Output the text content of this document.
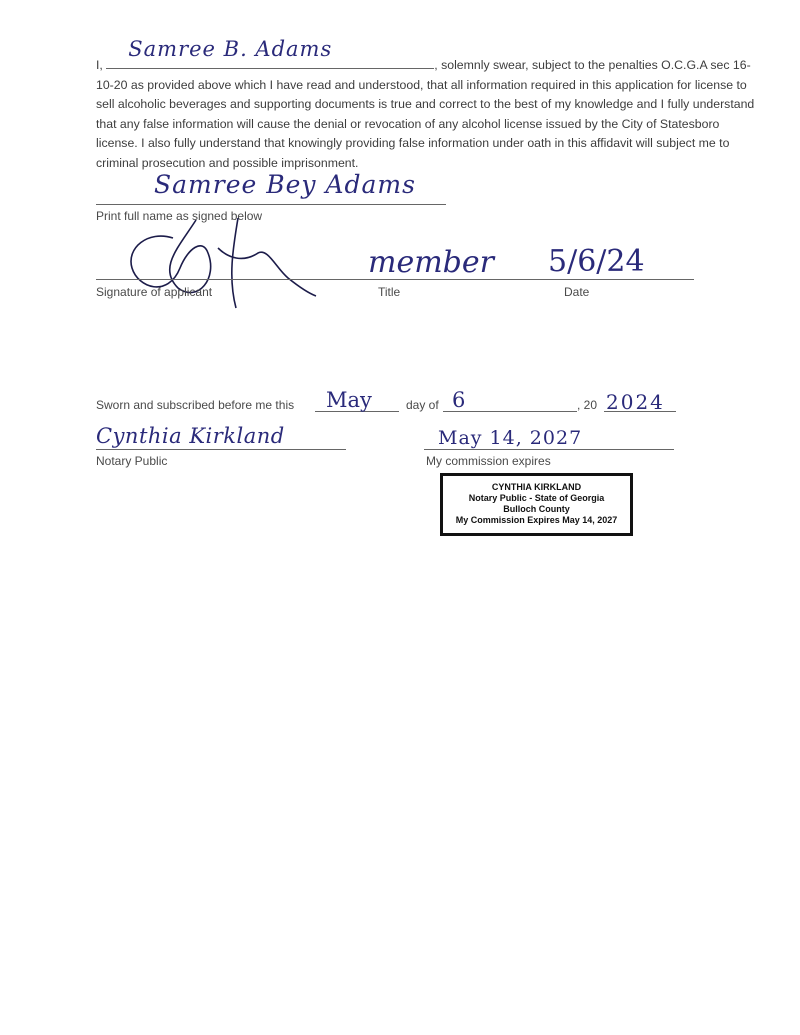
I,
Samree B. Adams
, solemnly swear, subject to the penalties O.C.G.A sec 16-10-20 as provided above which I have read and understood, that all information required in this application for license to sell alcoholic beverages and supporting documents is true and correct to the best of my knowledge and I fully understand that any false information will cause the denial or revocation of any alcohol license issued by the City of Statesboro license. I also fully understand that knowingly providing false information under oath in this affidavit will subject me to criminal prosecution and possible imprisonment.
Samree Bey Adams
Print full name as signed below
Signature of applicant
member
Title
5/6/24
Date
Sworn and subscribed before me this May	day of 6	, 20 2024
Cynthia Kirkland
Notary Public
May 14, 2027
My commission expires
CYNTHIA KIRKLAND
Notary Public - State of Georgia
Bulloch County
My Commission Expires May 14, 2027
